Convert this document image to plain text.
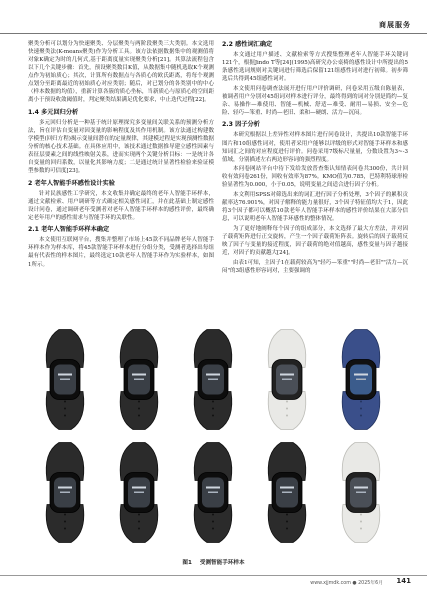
商展服务

聚类分析可以划分为快速聚类、分层聚类与两阶段聚类三大类别。本文选用快速聚类法(K-means聚类)作为分析工具。该方法依据数据集中的观测值将对象K确定为时的几何式,基于距离度量实现聚类分析[21]。其算法流程包含以下几个关键步骤：首先，预设聚类数目K值，从数据集中随机选取K个观测点作为初始质心；其次，计算所有数据点与各质心的欧氏距离，将每个观测点划分至距离最近的初始质心对应类别；随后，对已划分的各类别中的中心（样本数据的均值），重新计算各簇的质心坐标，当新质心与原质心的空间距离小于预设收敛阈值时，判定聚类结果满足优化要求，中止迭代过程[22]。

1.4 多元回归分析

多元回归分析是一种基于统计原理探究多变量间关联关系的预测分析方法，旨在评估自变量对因变量的影响程度及其作用机制。该方法通过构建数学模型(回归方程)揭示变量间潜在的定量规律，其建模过程是实现预测性数据分析的核心技术基础。在具体应用中，该技术通过数据推导建立感性因素与表征层要素之间的线性映射关系，进而实现两个关键分析目标：一是统计各自变量的回归系数，以量化其影响力度；二是通过统计显著性检验来验证模型参数的可信度[23]。

2 老年人智能手环感性设计实验

针对民族感性工学研究，本文收集并确定最终的老年人智能手环样本，通过文献检索、用户调研等方式确定相关感性词汇，并在此基础上制定感性设计问卷，通过调研老年受测者对老年人智能手环样本的感性评价，最终确定老年用户的感性需求与智能手环的关联性。

2.1 老年人智能手环样本确定

本文使用互联网平台，搜集并整理了市场上45款不同品牌老年人智能手环样本作为样本库，将45款智能手环样本进行分组分类，受测者选择出每组最有代表性的样本图片，最终选定10款老年人智能手环作为实验样本，如图1所示。

2.2 感性词汇确定

本文通过用户描述、文献检索等方式搜集整理老年人智能手环关键词121个，根据Jindo T等[24](1995)高研究办公桌椅的感性设计中所提出的5条感性选词规则对关键词进行筛选后保留121组感性词对进行初筛。初步筛选后共得到45组感性词对。

本文使用问卷调查法展开进行用户评价调研，问卷采用五级自陈量表，被调者用户分别对45组词对样本进行评分，最终得到的词对分别是简约—复杂、易操作—难使用、智能—机械、舒适—难受、耐用—易损、安全—危险、轻巧—笨重、时尚—老旧、柔和—硬朗、活力—沉闷。

2.3 因子分析

本研究根据以上差异性对样本图片进行问卷设计，共提出10款智能手环图片和10组感性词对，使用者采用户能够以评级的形式对智能手环样本和感知词汇之间的对应程度进行评价。问卷采用7级标尺量量，分数设置为3~-3值域，分别描述左右两边形容词的强烈程度。

本问卷网站平台中待下发给发放普查集认知情表问卷共300份，共计回收有效问卷261份，回收有效率为87%。KMO值为0.785，巴特利特球形检验显著性为0.000，小于0.05，说明变量之间适合进行因子分析。

本文利用SPSS对筛选出来的词汇进行因子分析处理，3个因子的累积贡献率达76.901%，对因子解释的能力量很好，3个因子特征值均大于1，因此将3个因子都可以概括10款老年人智能手环样本的感性评价结果在大部分信息，可以说明老年人智能手环感性的整体情况。

为了更好地阐释每个因子的组成部分，本文选择了最大方差法，并对因子载荷矩阵进行正交旋转，产生一个因子载荷矩阵表。旋转后的因子载荷反映了因子与变量的接近程度，因子载荷的绝对值越高，感性变量与因子越接近，对因子的贡献越大[24]。

由表1可知，主因子1在载荷较高为"轻巧—笨重""时尚—老旧""活力—沉闷"的3组感性形容词对，主要强调的

图1 受测智能手环样本
www.xjjmdk.com ● 2025年6月 141
